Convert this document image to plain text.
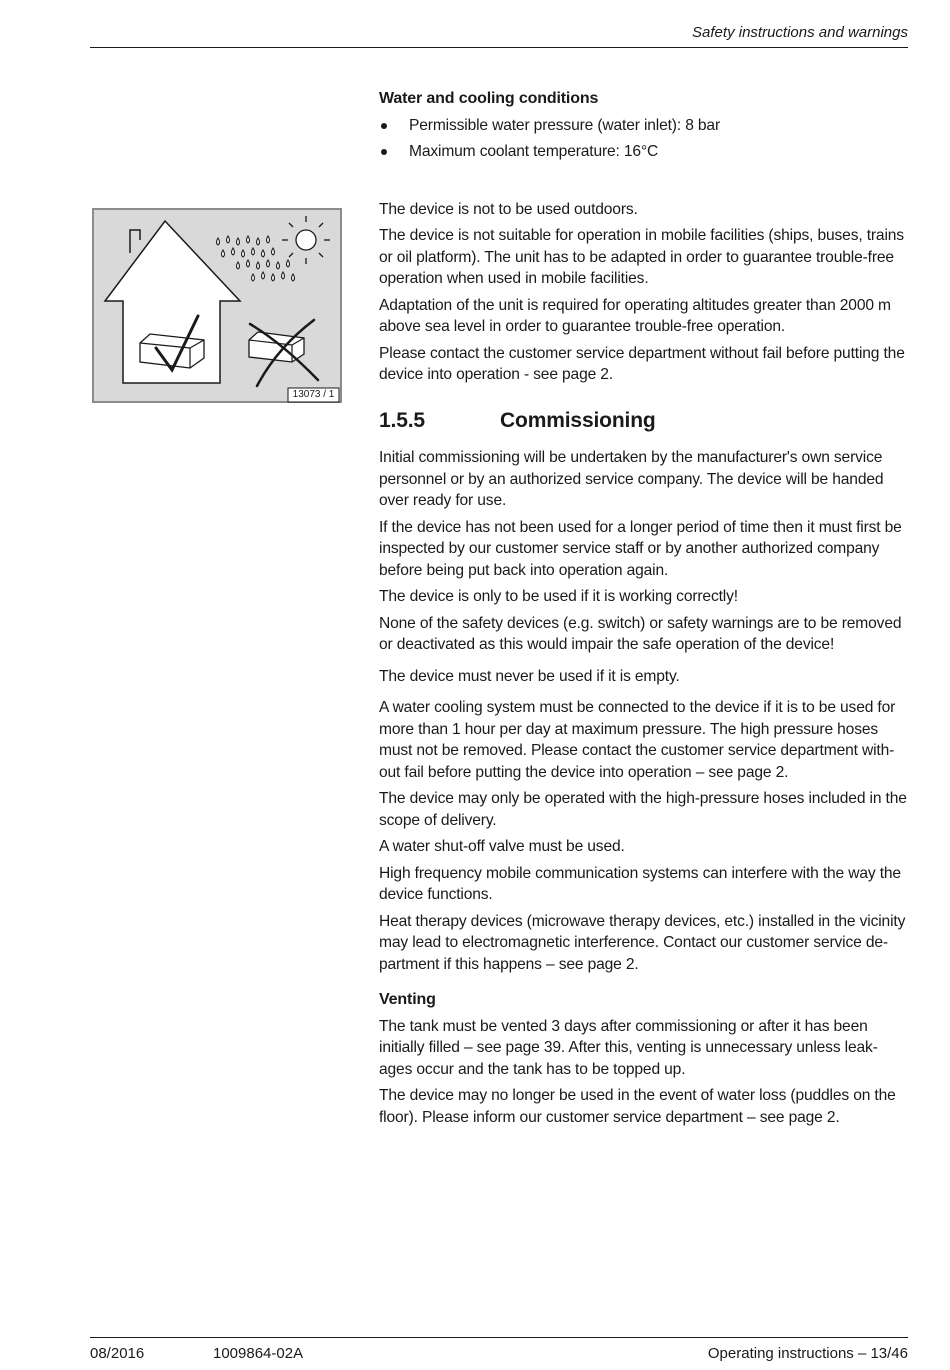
Safety instructions and warnings
13073 / 1

Water and cooling conditions

Permissible water pressure (water inlet): 8 bar
Maximum coolant temperature: 16°C

The device is not to be used outdoors.

The device is not suitable for operation in mobile facilities (ships, buses, trains or oil platform). The unit has to be adapted in order to guarantee trouble-free operation when used in mobile facilities.

Adaptation of the unit is required for operating altitudes greater than 2000 m above sea level in order to guarantee trouble-free operation.

Please contact the customer service department without fail before putting the device into operation - see page 2.

1.5.5	Commissioning

Initial commissioning will be undertaken by the manufacturer's own service personnel or by an authorized service company. The device will be handed over ready for use.

If the device has not been used for a longer period of time then it must first be inspected by our customer service staff or by another authorized company before being put back into operation again.

The device is only to be used if it is working correctly!

None of the safety devices (e.g. switch) or safety warnings are to be removed or deactivated as this would impair the safe operation of the device!

The device must never be used if it is empty.

A water cooling system must be connected to the device if it is to be used for more than 1 hour per day at maximum pressure. The high pressure hoses must not be removed. Please contact the customer service department with-out fail before putting the device into operation – see page 2.

The device may only be operated with the high-pressure hoses included in the scope of delivery.

A water shut-off valve must be used.

High frequency mobile communication systems can interfere with the way the device functions.

Heat therapy devices (microwave therapy devices, etc.) installed in the vicinity may lead to electromagnetic interference. Contact our customer service de-partment if this happens – see page 2.

Venting

The tank must be vented 3 days after commissioning or after it has been initially filled – see page 39. After this, venting is unnecessary unless leak-ages occur and the tank has to be topped up.

The device may no longer be used in the event of water loss (puddles on the floor). Please inform our customer service department – see page 2.

08/2016	1009864-02A	Operating instructions – 13/46
